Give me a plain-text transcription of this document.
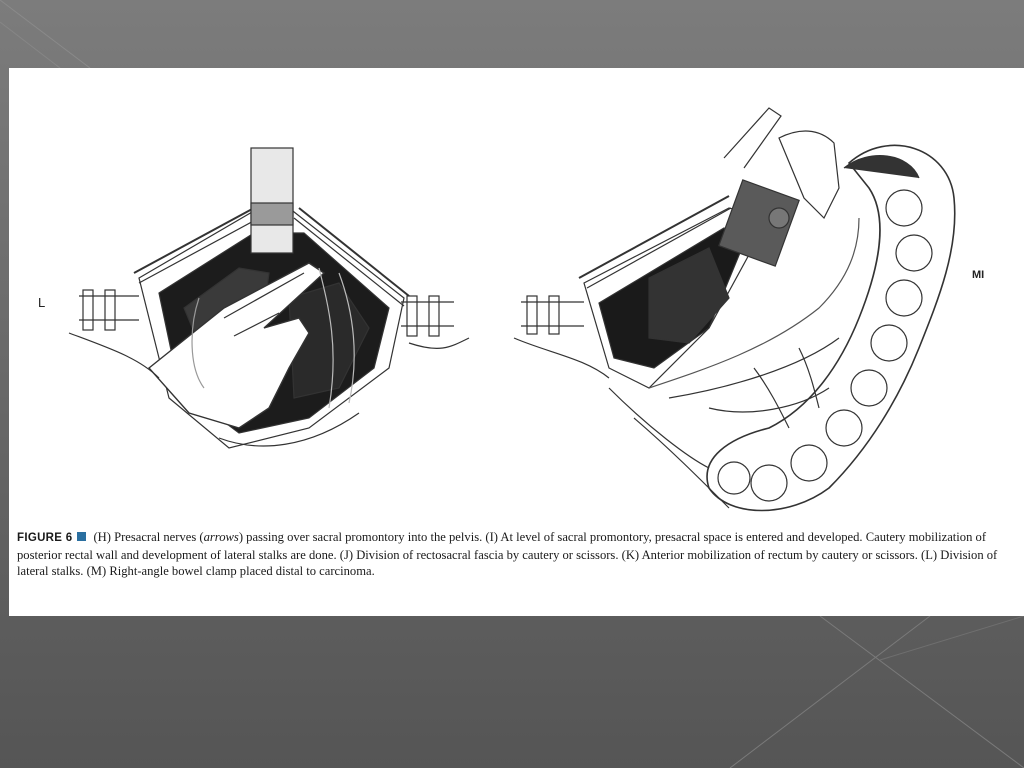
L
MI

FIGURE 6 (H) Presacral nerves (arrows) passing over sacral promontory into the pelvis. (I) At level of sacral promontory, presacral space is entered and developed. Cautery mobilization of posterior rectal wall and development of lateral stalks are done. (J) Division of rectosacral fascia by cautery or scissors. (K) Anterior mobilization of rectum by cautery or scissors. (L) Division of lateral stalks. (M) Right-angle bowel clamp placed distal to carcinoma.
